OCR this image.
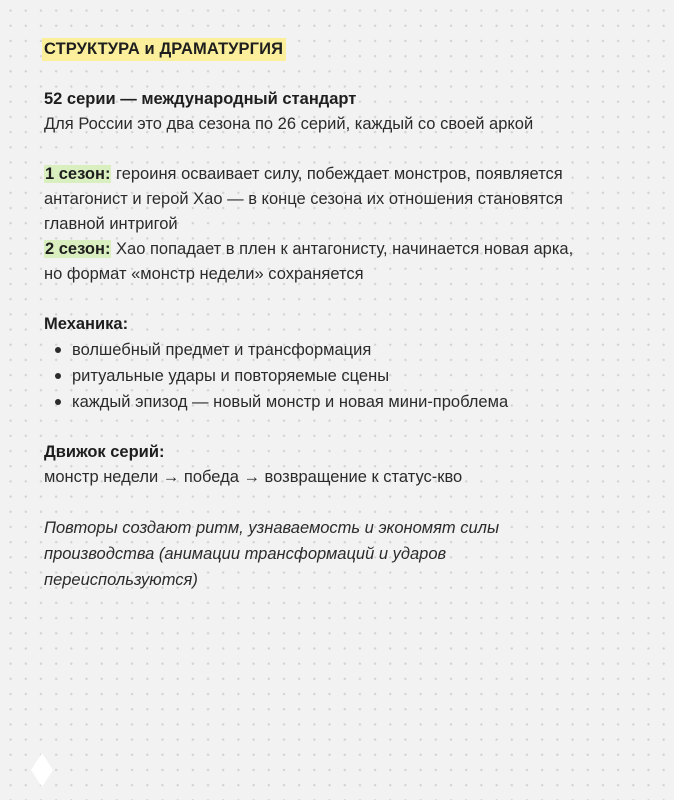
СТРУКТУРА и ДРАМАТУРГИЯ
52 серии — международный стандарт
Для России это два сезона по 26 серий, каждый со своей аркой
1 сезон: героиня осваивает силу, побеждает монстров, появляется
антагонист и герой Хао — в конце сезона их отношения становятся
главной интригой
2 сезон: Хао попадает в плен к антагонисту, начинается новая арка,
но формат «монстр недели» сохраняется
Механика:
волшебный предмет и трансформация
ритуальные удары и повторяемые сцены
каждый эпизод — новый монстр и новая мини-проблема
Движок серий:
монстр недели → победа → возвращение к статус-кво
Повторы создают ритм, узнаваемость и экономят силы
производства (анимации трансформаций и ударов
переиспользуются)
